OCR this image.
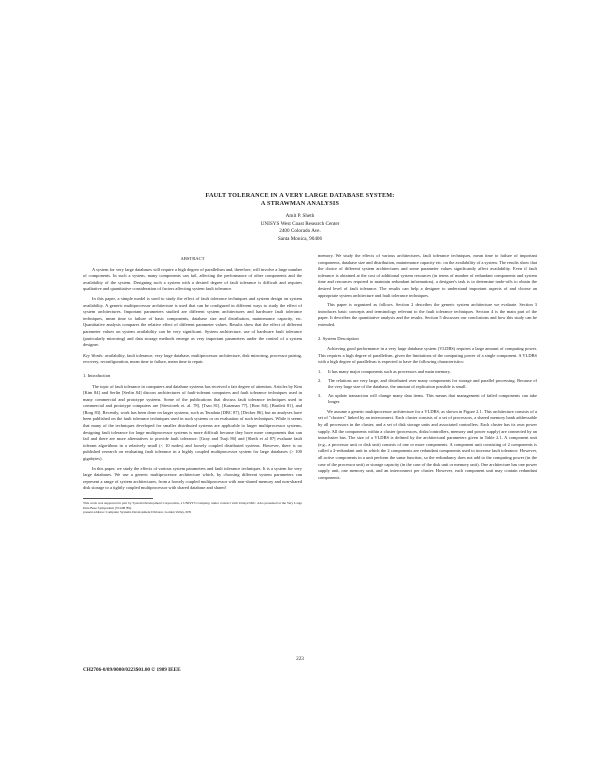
FAULT TOLERANCE IN A VERY LARGE DATABASE SYSTEM:
A STRAWMAN ANALYSIS
Amit P. Sheth
UNISYS West Coast Research Center
2400 Colorado Ave.
Santa Monica, 90406
ABSTRACT

A system for very large databases will require a high degree of parallelism and, therefore, will involve a large number of components. In such a system, many components can fail, affecting the performance of other components and the availability of the system. Designing such a system with a desired degree of fault tolerance is difficult and requires qualitative and quantitative consideration of factors affecting system fault tolerance.

In this paper, a simple model is used to study the effect of fault tolerance techniques and system design on system availability. A generic multiprocessor architecture is used that can be configured in different ways to study the effect of system architectures. Important parameters studied are different system architectures and hardware fault tolerance techniques, mean time to failure of basic components, database size and distribution, maintenance capacity, etc. Quantitative analysis compares the relative effect of different parameter values. Results show that the effect of different parameter values on system availability can be very significant. System architecture, use of hardware fault tolerance (particularly mirroring) and data storage methods emerge as very important parameters under the control of a system designer.

Key Words: availability, fault tolerance, very large database, multiprocessor architecture, disk mirroring, processor pairing, recovery, reconfiguration, mean time to failure, mean time to repair.

1. Introduction

The topic of fault tolerance in computers and database systems has received a fair degree of attention. Articles by Kim [Kim 84] and Serlin [Serlin 84] discuss architectures of fault-tolerant computers and fault tolerance techniques used in many commercial and prototype systems. Some of the publications that discuss fault tolerance techniques used in commercial and prototype computers are [Siewiorek et. al. 78], [Tsao 81], [Katzman 77], [Borr 84], [Bartlett 81], and [Borg 83]. Recently, work has been done on larger systems, such as Teradata [DBC 87], [Decker 86], but no analyses have been published on the fault tolerance techniques used in such systems or on evaluation of such techniques. While it seems that many of the techniques developed for smaller distributed systems are applicable to larger multiprocessor systems, designing fault tolerance for large multiprocessor systems is more difficult because they have more components that can fail and there are more alternatives to provide fault tolerance. [Gray and Tsuji 86] and [Sheth et al 87] evaluate fault tolerant algorithms in a relatively small (< 10 nodes) and loosely coupled distributed systems. However, there is no published research on evaluating fault tolerance in a highly coupled multiprocessor system for large databases (> 100 gigabytes).

In this paper, we study the effects of various system parameters and fault tolerance techniques. It is a system for very large databases. We use a generic multiprocessor architecture which, by choosing different system parameters can represent a range of system architectures, from a loosely coupled multiprocessor with non-shared memory and non-shared disk storage to a tightly coupled multiprocessor with shared database and shared

This work was supported in part by System Development Corporation, a UNISYS Company, under contract with Unisys/SDC. Also presented at the Very Large Data Base Symposium (VLDB '89).

present address: Computer Systems Development Division, Golden Valley, MN

memory. We study the effects of various architectures, fault tolerance techniques, mean time to failure of important components, database size and distribution, maintenance capacity etc. on the availability of a system. The results show that the choice of different system architectures and some parameter values significantly affect availability. Even if fault tolerance is obtained at the cost of additional system resources (in terms of number of redundant components and system time and resources required to maintain redundant information), a designer's task is to determine trade-offs to obtain the desired level of fault tolerance. The results can help a designer to understand important aspects of and choose an appropriate system architecture and fault tolerance techniques.

This paper is organized as follows. Section 2 describes the generic system architecture we evaluate. Section 3 introduces basic concepts and terminology relevant to the fault tolerance techniques. Section 4 is the main part of the paper. It describes the quantitative analysis and the results. Section 5 discusses our conclusions and how this study can be extended.

2. System Description

Achieving good performance in a very large database system (VLDBS) requires a large amount of computing power. This requires a high degree of parallelism, given the limitations of the computing power of a single component. A VLDBS with a high degree of parallelism is expected to have the following characteristics:

1.	It has many major components such as processors and main memory.
2.	The relations are very large, and distributed over many components for storage and parallel processing. Because of the very large size of the database, the amount of replication possible is small.
3.	An update transaction will change many data items. This means that management of failed components can take longer.

We assume a generic multiprocessor architecture for a VLDBS, as shown in Figure 2.1. This architecture consists of a set of "clusters" linked by an interconnect. Each cluster consists of a set of processors, a shared memory bank addressable by all processors in the cluster, and a set of disk storage units and associated controllers. Each cluster has its own power supply. All the components within a cluster (processors, disks/controllers, memory and power supply) are connected by an intracluster bus. The size of a VLDBS is defined by the architectural parameters given in Table 2.1. A component unit (e.g., a processor unit or disk unit) consists of one or more components. A component unit consisting of 2 components is called a 2-redundant unit in which the 2 components are redundant components used to increase fault tolerance. However, all active components in a unit perform the same function, so the redundancy does not add to the computing power (in the case of the processor unit) or storage capacity (in the case of the disk unit or memory unit). One architecture has one power supply unit, one memory unit, and an interconnect per cluster. However, each component unit may contain redundant components.

223
CH2706-0/89/0000/0223$01.00 © 1989 IEEE
